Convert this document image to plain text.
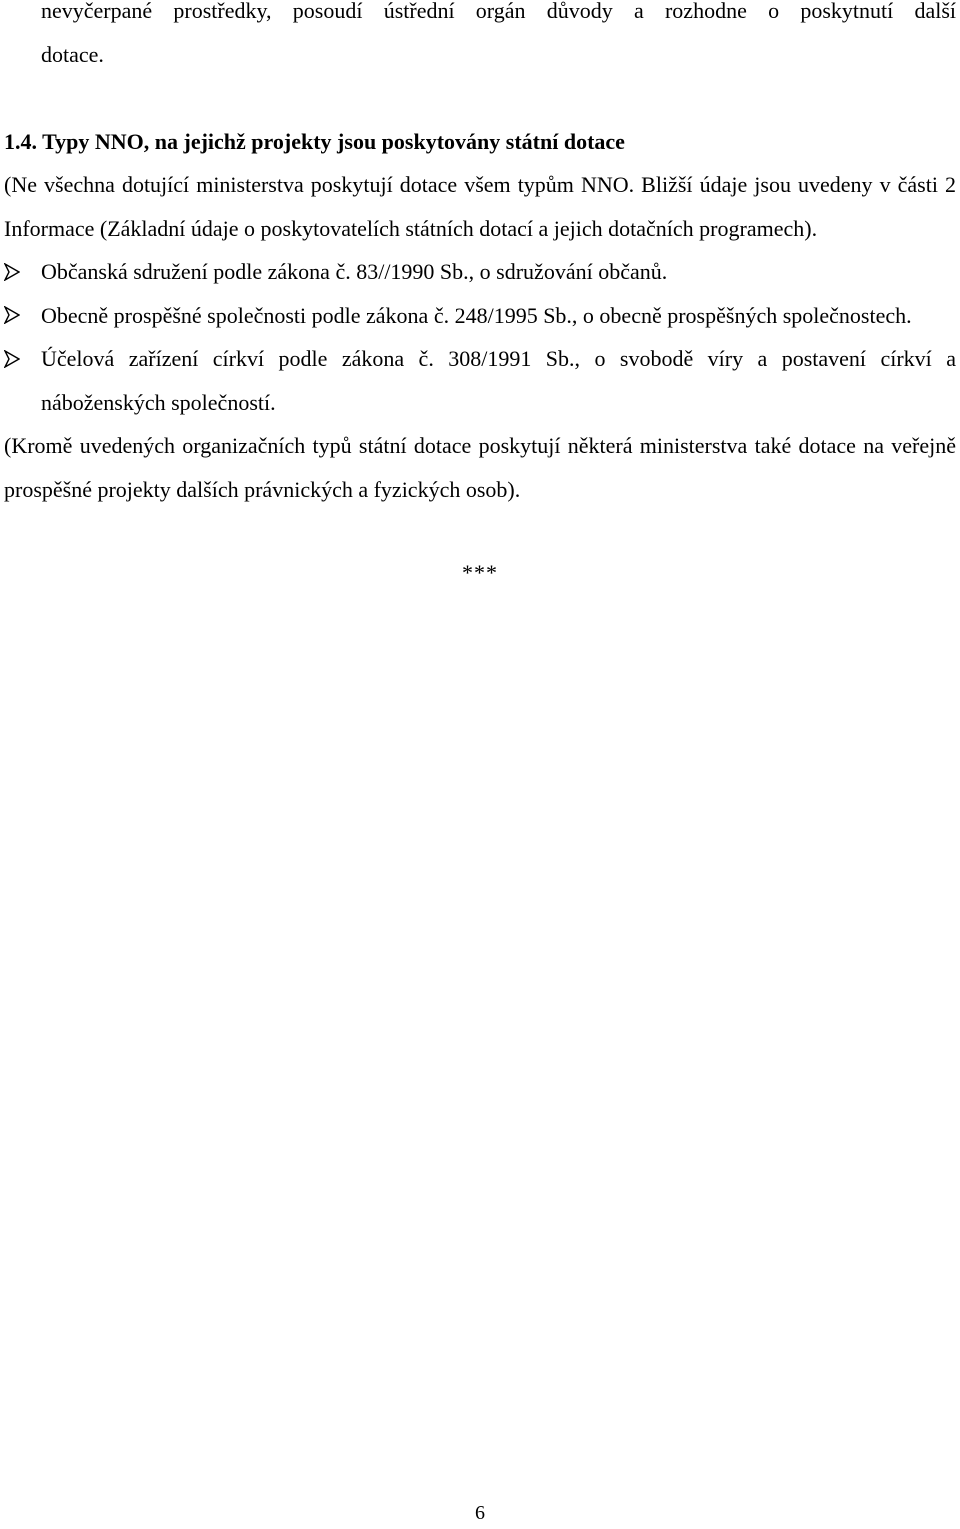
nevyčerpané prostředky, posoudí ústřední orgán důvody a rozhodne o poskytnutí další
dotace.

1.4. Typy NNO, na jejichž projekty jsou poskytovány státní dotace

(Ne všechna dotující ministerstva poskytují dotace všem typům NNO. Bližší údaje jsou uvedeny v části 2 Informace (Základní údaje o poskytovatelích státních dotací a jejich dotačních programech).

Občanská sdružení podle zákona č. 83//1990 Sb., o sdružování občanů.

Obecně prospěšné společnosti podle zákona č. 248/1995 Sb., o obecně prospěšných společnostech.

Účelová zařízení církví podle zákona č. 308/1991 Sb., o svobodě víry a postavení církví a náboženských společností.

(Kromě uvedených organizačních typů státní dotace poskytují některá ministerstva také dotace na veřejně prospěšné projekty dalších právnických a fyzických osob).

***

6
